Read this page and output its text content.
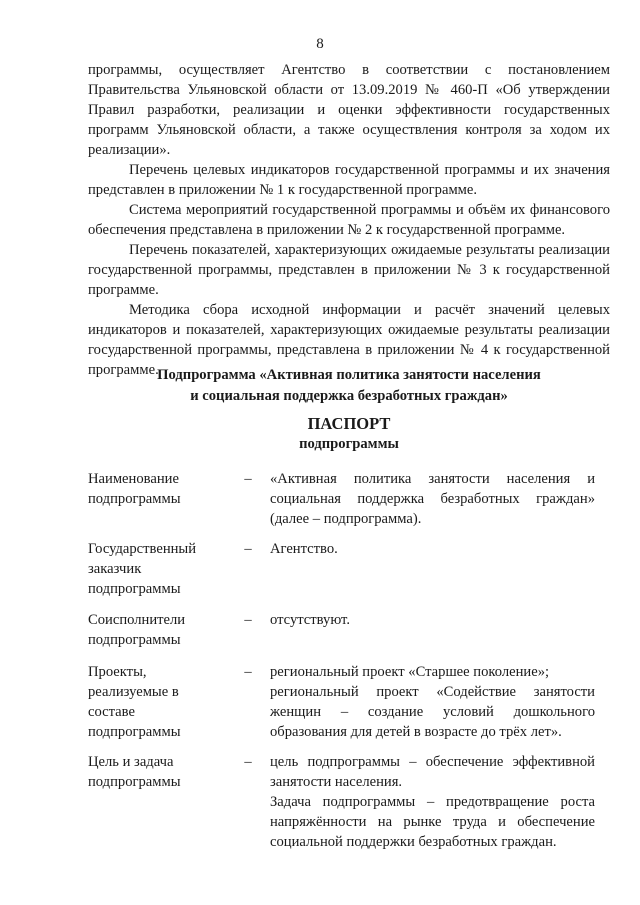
8

программы, осуществляет Агентство в соответствии с постановлением Правительства Ульяновской области от 13.09.2019 № 460-П «Об утверждении Правил разработки, реализации и оценки эффективности государственных программ Ульяновской области, а также осуществления контроля за ходом их реализации».

Перечень целевых индикаторов государственной программы и их значения представлен в приложении № 1 к государственной программе.

Система мероприятий государственной программы и объём их финансового обеспечения представлена в приложении № 2 к государственной программе.

Перечень показателей, характеризующих ожидаемые результаты реализации государственной программы, представлен в приложении № 3 к государственной программе.

Методика сбора исходной информации и расчёт значений целевых индикаторов и показателей, характеризующих ожидаемые результаты реализации государственной программы, представлена в приложении № 4 к государственной программе.

Подпрограмма «Активная политика занятости населения
и социальная поддержка безработных граждан»
ПАСПОРТ
подпрограммы
Наименование подпрограммы
–	«Активная политика занятости населения и социальная поддержка безработных граждан» (далее – подпрограмма).

Государственный заказчик подпрограммы
–	Агентство.

Соисполнители подпрограммы
–	отсутствуют.

Проекты, реализуемые в составе подпрограммы
–	региональный проект «Старшее поколение»;

региональный проект «Содействие занятости женщин – создание условий дошкольного образования для детей в возрасте до трёх лет».

Цель и задача подпрограммы
–	цель подпрограммы – обеспечение эффективной занятости населения.

Задача подпрограммы – предотвращение роста напряжённости на рынке труда и обеспечение социальной поддержки безработных граждан.
